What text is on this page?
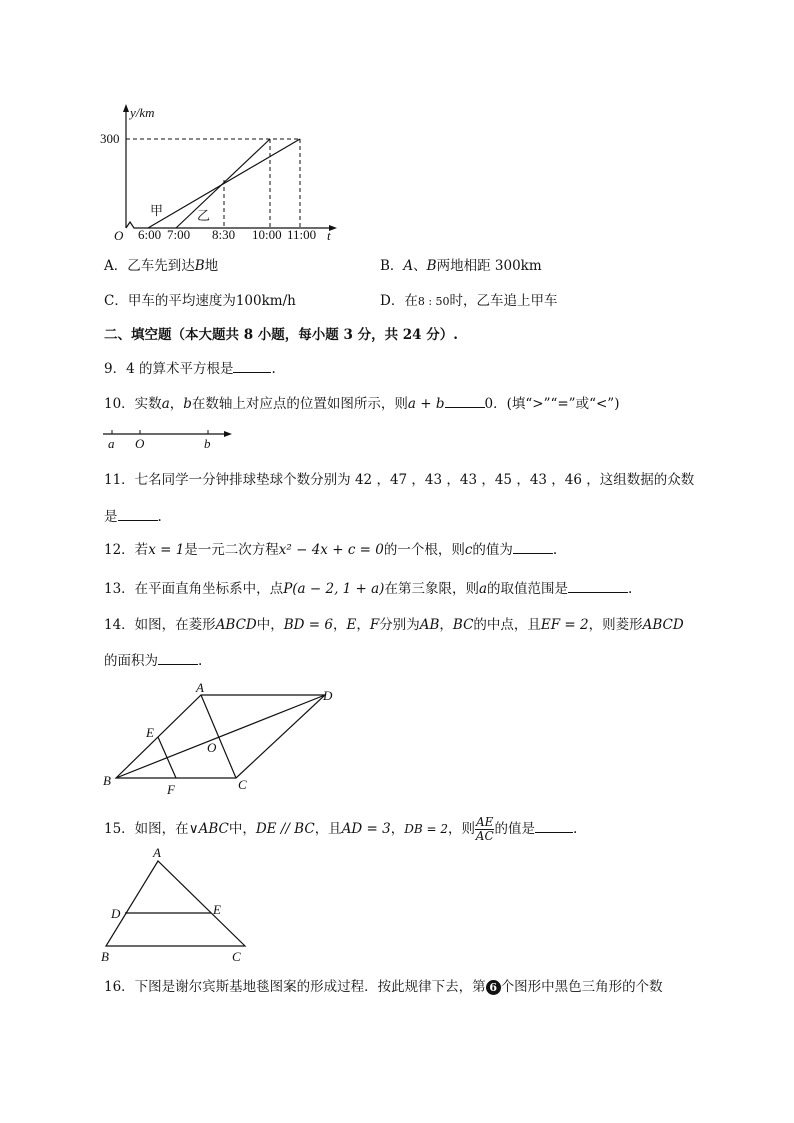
y/km
300
O	t
6:00 7:00 8:30 10:00 11:00
甲	乙
a O	b
A
D
B	C
E
F
O
A
D	E
B	C
A．乙车先到达B地	B．A、B两地相距 300km
C．甲车的平均速度为100km/h	D．在8 : 50时，乙车追上甲车
二、填空题（本大题共 8 小题，每小题 3 分，共 24 分）.
9．4 的算术平方根是	.
10．实数a，b在数轴上对应点的位置如图所示，则a + b	0．(填“>”“=”或“<”)
11．七名同学一分钟排球垫球个数分别为 42 ，47 ，43 ，43 ，45 ，43 ，46 ，这组数据的众数
是	.
12．若x = 1是一元二次方程x² − 4x + c = 0的一个根，则c的值为	.
13．在平面直角坐标系中，点P(a − 2, 1 + a)在第三象限，则a的取值范围是	.
14．如图，在菱形ABCD中，BD = 6，E，F分别为AB，BC的中点，且EF = 2，则菱形ABCD
的面积为	.
15．如图，在∨ABC中，DE // BC，且AD = 3，DB = 2，则 $\frac{AE}{AC}$ 的值是	.
16．下图是谢尔宾斯基地毯图案的形成过程．按此规律下去，第 6 个图形中黑色三角形的个数
